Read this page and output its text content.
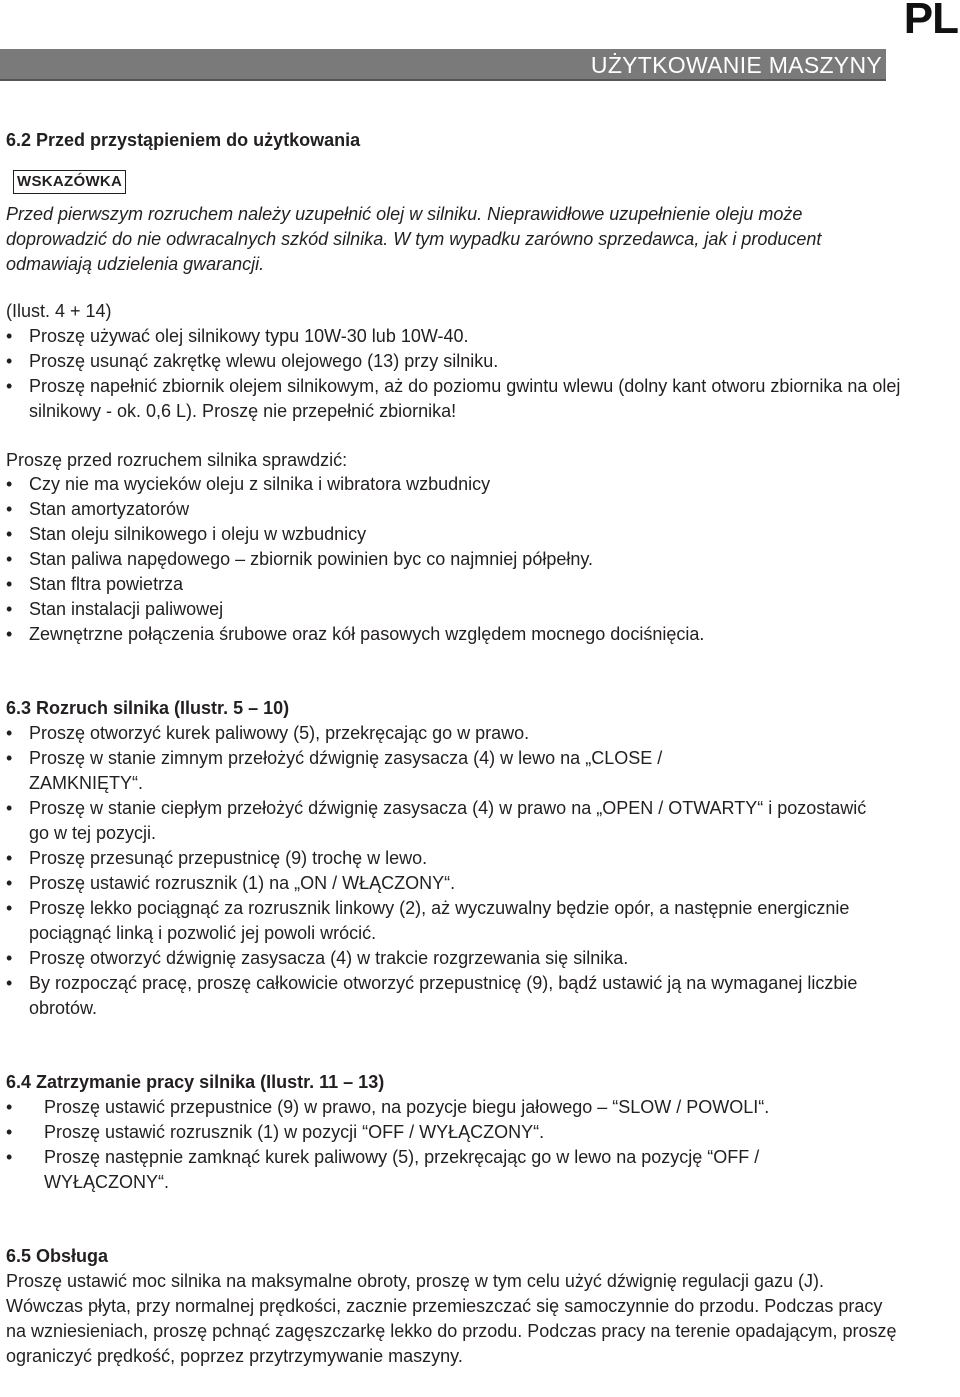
PL
UŻYTKOWANIE MASZYNY
6.2 Przed przystąpieniem do użytkowania
WSKAZÓWKA

Przed pierwszym rozruchem należy uzupełnić olej w silniku. Nieprawidłowe uzupełnienie oleju może doprowadzić do nie odwracalnych szkód silnika. W tym wypadku zarówno sprzedawca, jak i producent odmawiają udzielenia gwarancji.

(Ilust. 4 + 14)
• Proszę używać olej silnikowy typu 10W-30 lub 10W-40.
• Proszę usunąć zakrętkę wlewu olejowego (13) przy silniku.
• Proszę napełnić zbiornik olejem silnikowym, aż do poziomu gwintu wlewu (dolny kant otworu zbiornika na olej silnikowy - ok. 0,6 L). Proszę nie przepełnić zbiornika!
Proszę przed rozruchem silnika sprawdzić:
• Czy nie ma wycieków oleju z silnika i wibratora wzbudnicy
• Stan amortyzatorów
• Stan oleju silnikowego i oleju w wzbudnicy
• Stan paliwa napędowego – zbiornik powinien byc co najmniej półpełny.
• Stan fltra powietrza
• Stan instalacji paliwowej
• Zewnętrzne połączenia śrubowe oraz kół pasowych względem mocnego dociśnięcia.
6.3 Rozruch silnika (Ilustr. 5 – 10)
• Proszę otworzyć kurek paliwowy (5), przekręcając go w prawo.
• Proszę w stanie zimnym przełożyć dźwignię zasysacza (4) w lewo na „CLOSE / ZAMKNIĘTY“.
• Proszę w stanie ciepłym przełożyć dźwignię zasysacza (4) w prawo na „OPEN / OTWARTY“ i pozostawić go w tej pozycji.
• Proszę przesunąć przepustnicę (9) trochę w lewo.
• Proszę ustawić rozrusznik (1) na „ON / WŁĄCZONY“.
• Proszę lekko pociągnąć za rozrusznik linkowy (2), aż wyczuwalny będzie opór, a następnie energicznie pociągnąć linką i pozwolić jej powoli wrócić.
• Proszę otworzyć dźwignię zasysacza (4) w trakcie rozgrzewania się silnika.
• By rozpocząć pracę, proszę całkowicie otworzyć przepustnicę (9), bądź ustawić ją na wymaganej liczbie obrotów.
6.4 Zatrzymanie pracy silnika (Ilustr. 11 – 13)
• Proszę ustawić przepustnice (9) w prawo, na pozycje biegu jałowego – “SLOW / POWOLI“.
• Proszę ustawić rozrusznik (1) w pozycji “OFF / WYŁĄCZONY“.
• Proszę następnie zamknąć kurek paliwowy (5), przekręcając go w lewo na pozycję “OFF / WYŁĄCZONY“.
6.5 Obsługa

Proszę ustawić moc silnika na maksymalne obroty, proszę w tym celu użyć dźwignię regulacji gazu (J). Wówczas płyta, przy normalnej prędkości, zacznie przemieszczać się samoczynnie do przodu. Podczas pracy na wzniesieniach, proszę pchnąć zagęszczarkę lekko do przodu. Podczas pracy na terenie opadającym, proszę ograniczyć prędkość, poprzez przytrzymywanie maszyny.
